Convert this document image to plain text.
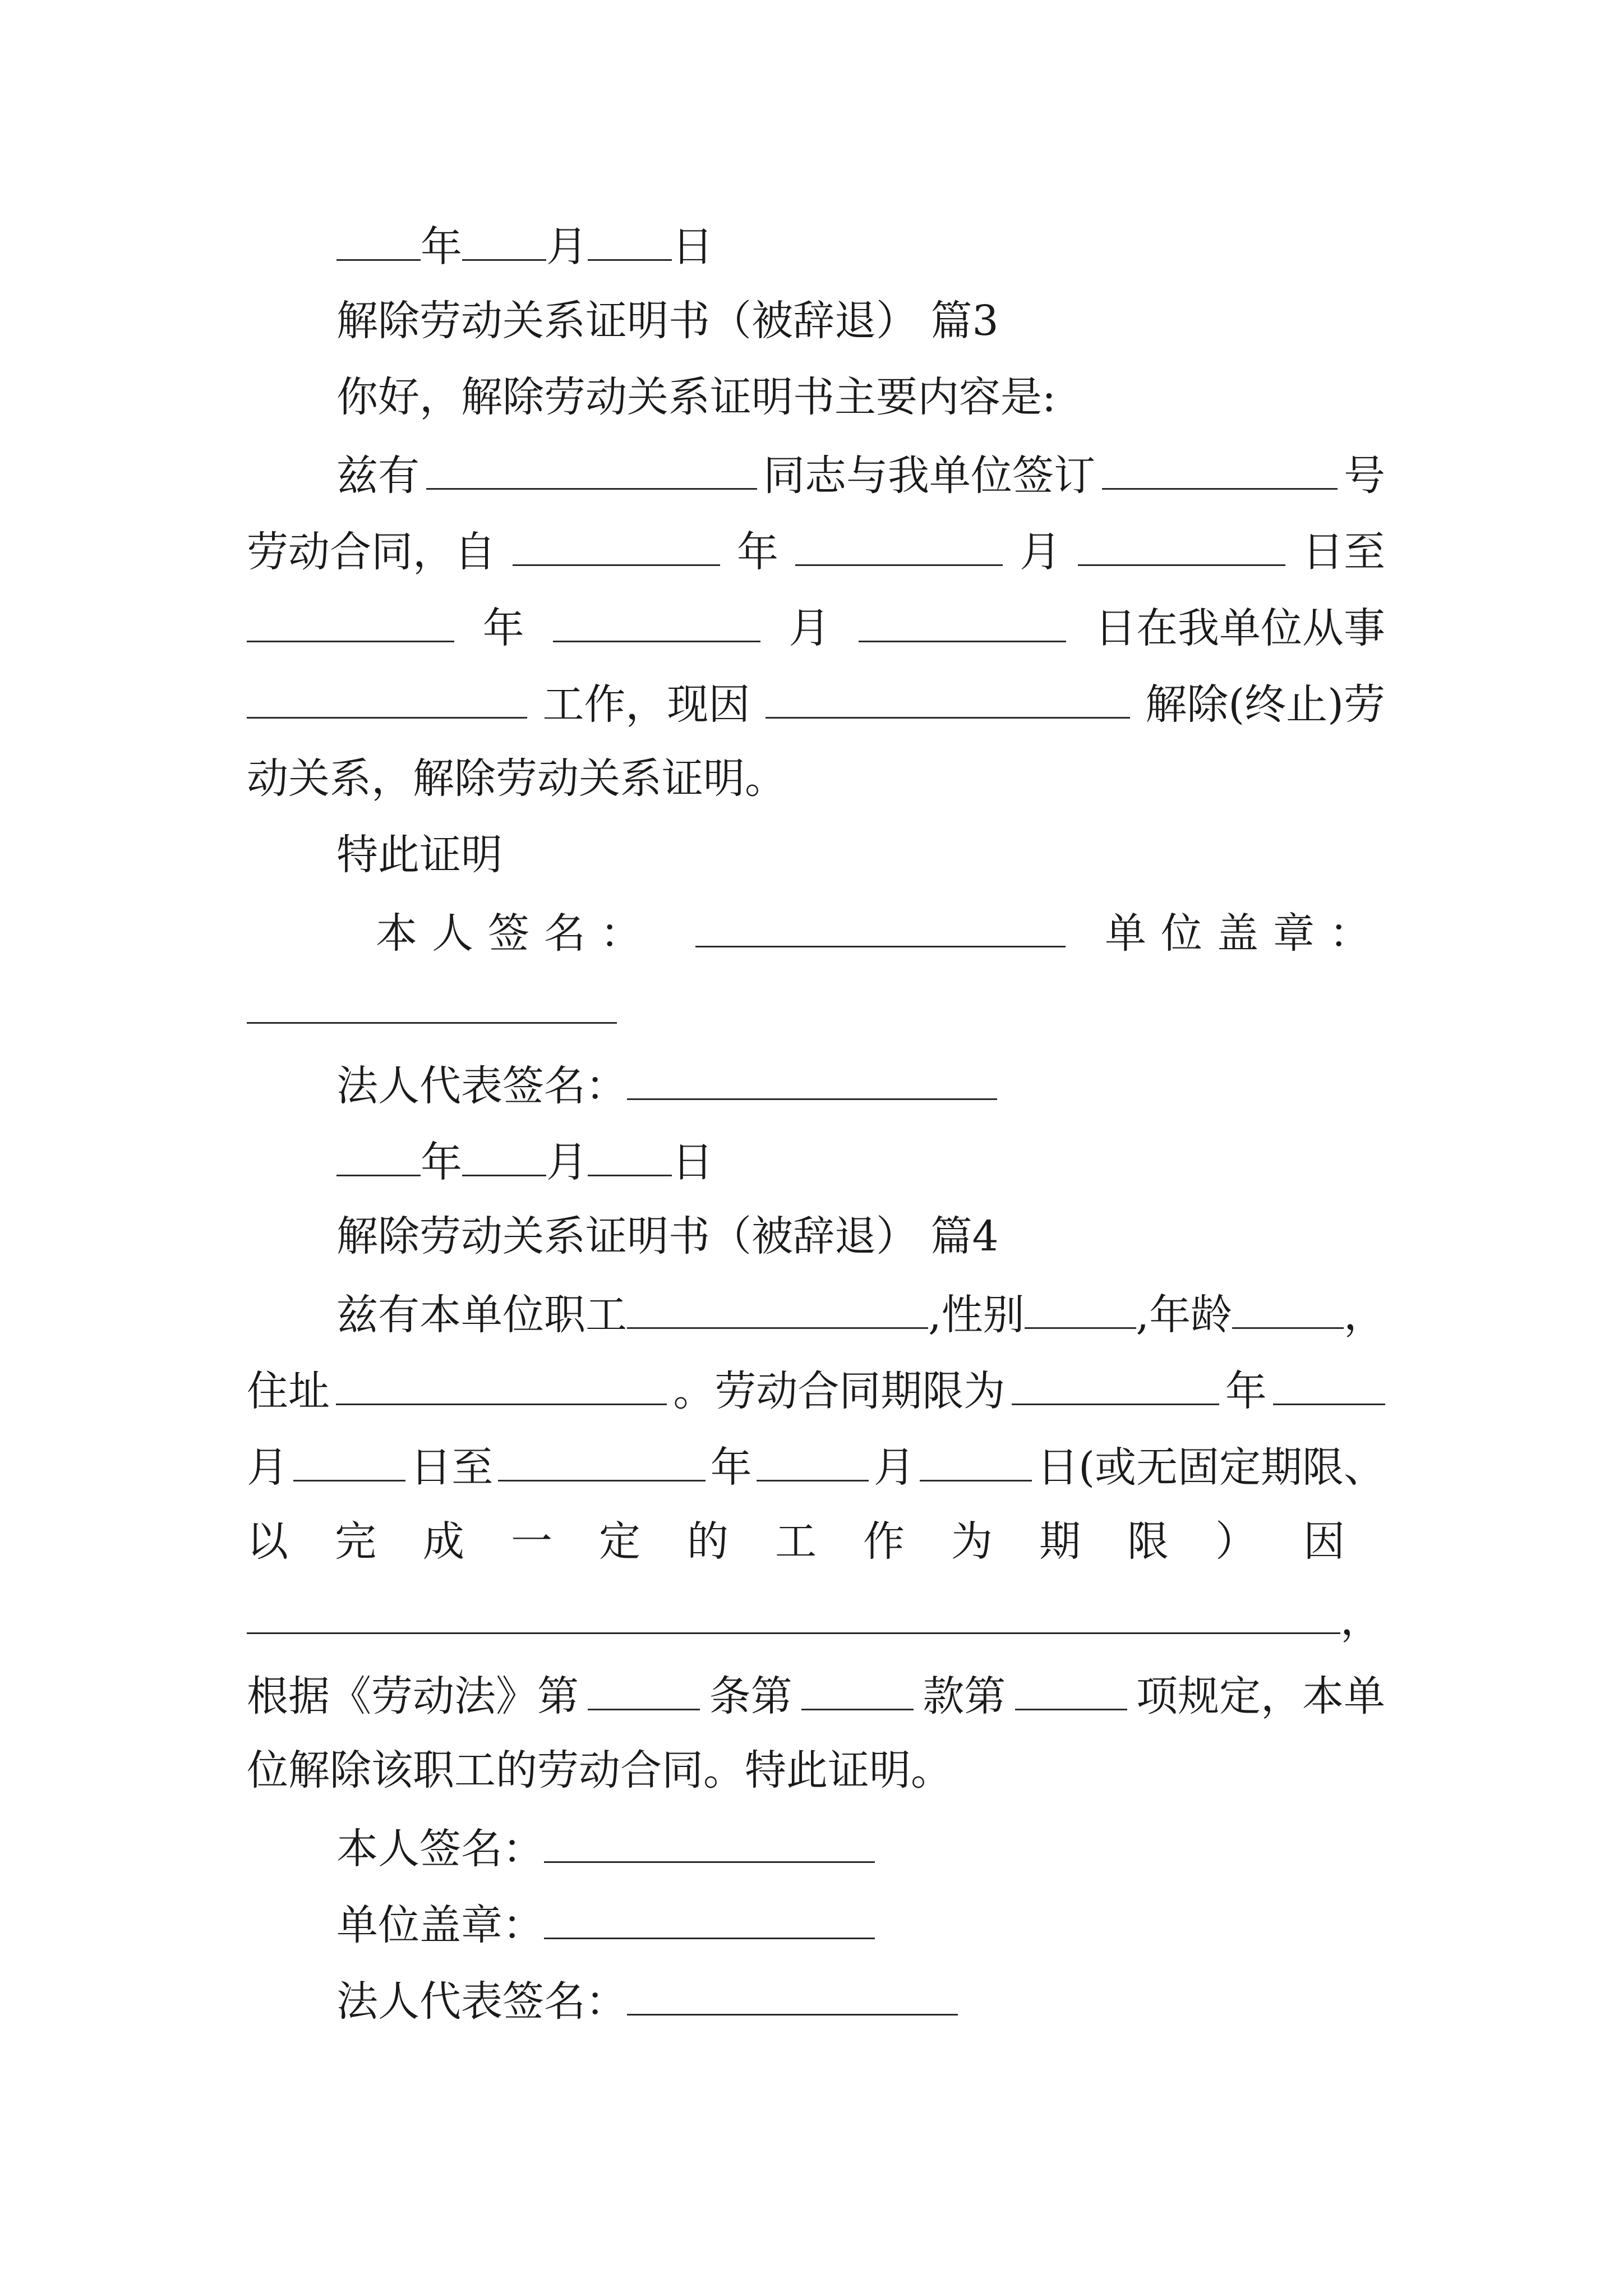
年 月 日
解除劳动关系证明书（被辞退） 篇3
你好，解除劳动关系证明书主要内容是:
兹有	同志与我单位签订	号
劳动合同，自	年	月	日至
年	月	日在我单位从事
工作，现因	解除(终止)劳
动关系，解除劳动关系证明。
特此证明
本人签名：	单位盖章：
法人代表签名：
年 月 日
解除劳动关系证明书（被辞退） 篇4
兹有本单位职工	,性别	,年龄	，
住址	。劳动合同期限为	年
月	日至	年	月	日(或无固定期限、
以完成一定的工作为期限）因
，
根据《劳动法》第	条第	款第	项规定，本单
位解除该职工的劳动合同。特此证明。
本人签名：
单位盖章：
法人代表签名：
